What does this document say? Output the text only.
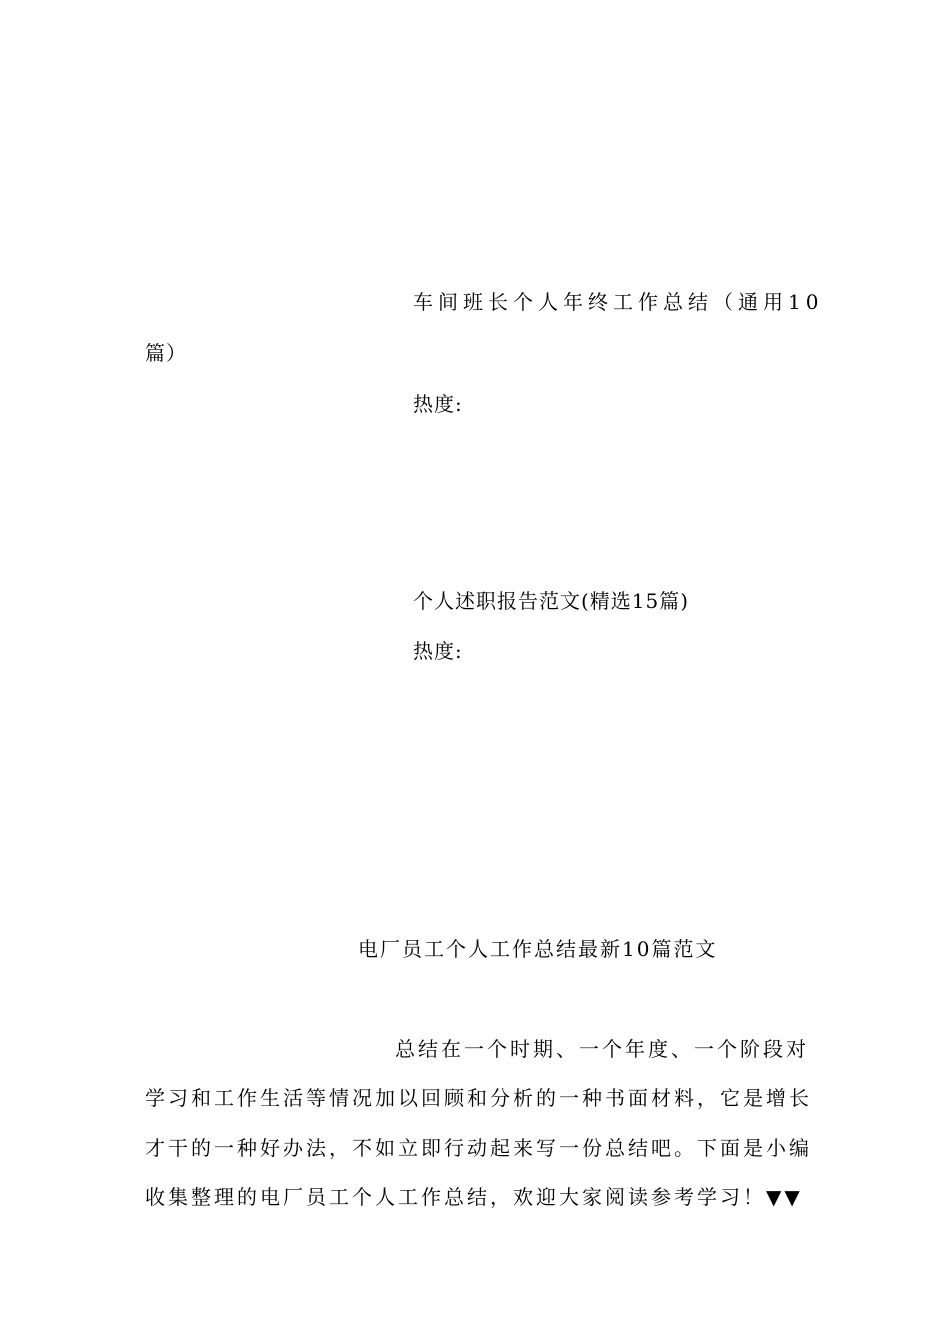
车间班长个人年终工作总结（通用10
篇）
热度:
个人述职报告范文(精选15篇)
热度:
电厂员工个人工作总结最新10篇范文
总结在一个时期、一个年度、一个阶段对
学习和工作生活等情况加以回顾和分析的一种书面材料，它是增长
才干的一种好办法，不如立即行动起来写一份总结吧。下面是小编
收集整理的电厂员工个人工作总结，欢迎大家阅读参考学习！▼▼
